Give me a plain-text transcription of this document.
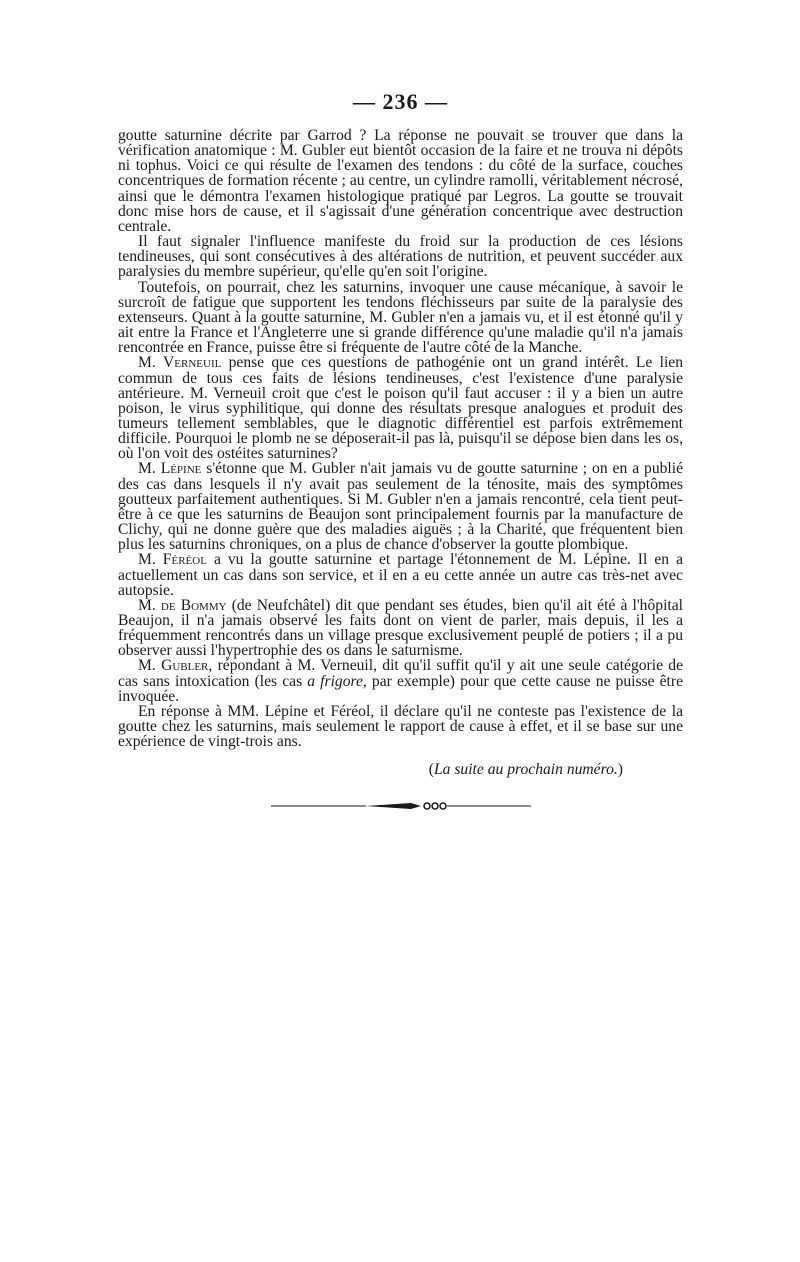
— 236 —

goutte saturnine décrite par Garrod ? La réponse ne pouvait se trouver que dans la vérification anatomique : M. Gubler eut bientôt occasion de la faire et ne trouva ni dépôts ni tophus. Voici ce qui résulte de l'examen des tendons : du côté de la surface, couches concentriques de formation récente ; au centre, un cylindre ramolli, véritablement nécrosé, ainsi que le démontra l'examen histologique pratiqué par Legros. La goutte se trouvait donc mise hors de cause, et il s'agissait d'une génération concentrique avec destruction centrale.

Il faut signaler l'influence manifeste du froid sur la production de ces lésions tendineuses, qui sont consécutives à des altérations de nutrition, et peuvent succéder aux paralysies du membre supérieur, qu'elle qu'en soit l'origine.

Toutefois, on pourrait, chez les saturnins, invoquer une cause mécanique, à savoir le surcroît de fatigue que supportent les tendons fléchisseurs par suite de la paralysie des extenseurs. Quant à la goutte saturnine, M. Gubler n'en a jamais vu, et il est étonné qu'il y ait entre la France et l'Angleterre une si grande différence qu'une maladie qu'il n'a jamais rencontrée en France, puisse être si fréquente de l'autre côté de la Manche.

M. Verneuil pense que ces questions de pathogénie ont un grand intérêt. Le lien commun de tous ces faits de lésions tendineuses, c'est l'existence d'une paralysie antérieure. M. Verneuil croit que c'est le poison qu'il faut accuser : il y a bien un autre poison, le virus syphilitique, qui donne des résultats presque analogues et produit des tumeurs tellement semblables, que le diagnotic différentiel est parfois extrêmement difficile. Pourquoi le plomb ne se déposerait-il pas là, puisqu'il se dépose bien dans les os, où l'on voit des ostéites saturnines?

M. Lépine s'étonne que M. Gubler n'ait jamais vu de goutte saturnine ; on en a publié des cas dans lesquels il n'y avait pas seulement de la ténosite, mais des symptômes goutteux parfaitement authentiques. Si M. Gubler n'en a jamais rencontré, cela tient peut-être à ce que les saturnins de Beaujon sont principalement fournis par la manufacture de Clichy, qui ne donne guère que des maladies aiguës ; à la Charité, que fréquentent bien plus les saturnins chroniques, on a plus de chance d'observer la goutte plombique.

M. Féréol a vu la goutte saturnine et partage l'étonnement de M. Lépine. Il en a actuellement un cas dans son service, et il en a eu cette année un autre cas très-net avec autopsie.

M. de Bommy (de Neufchâtel) dit que pendant ses études, bien qu'il ait été à l'hôpital Beaujon, il n'a jamais observé les faits dont on vient de parler, mais depuis, il les a fréquemment rencontrés dans un village presque exclusivement peuplé de potiers ; il a pu observer aussi l'hypertrophie des os dans le saturnisme.

M. Gubler, répondant à M. Verneuil, dit qu'il suffit qu'il y ait une seule catégorie de cas sans intoxication (les cas a frigore, par exemple) pour que cette cause ne puisse être invoquée.

En réponse à MM. Lépine et Féréol, il déclare qu'il ne conteste pas l'existence de la goutte chez les saturnins, mais seulement le rapport de cause à effet, et il se base sur une expérience de vingt-trois ans.

(La suite au prochain numéro.)
